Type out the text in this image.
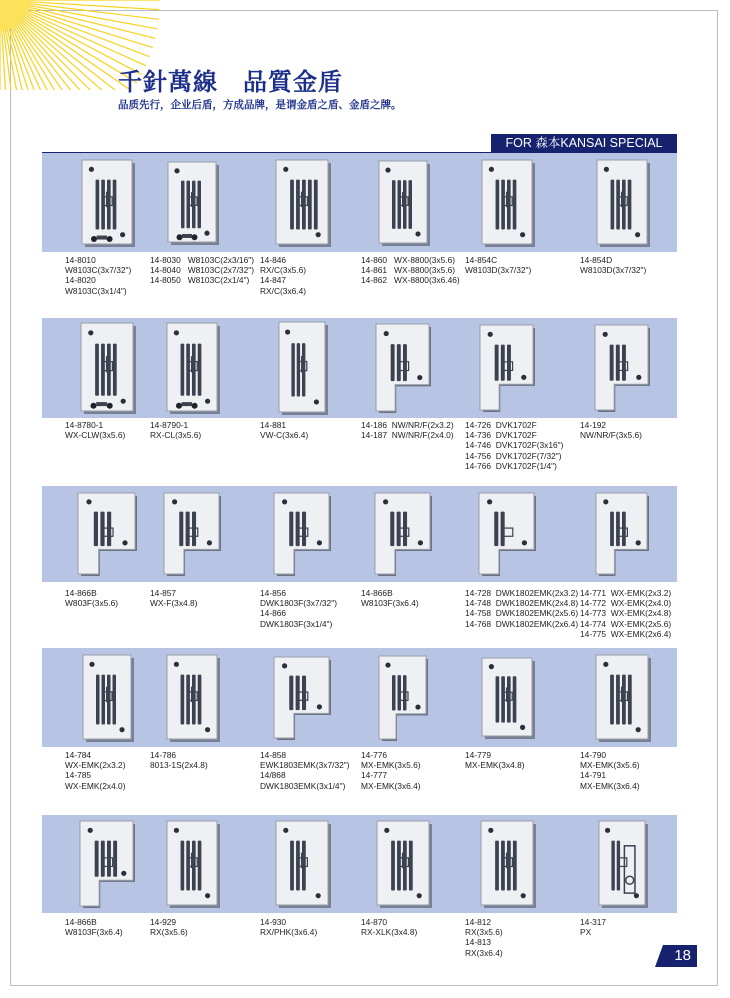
千針萬線　品質金盾
品质先行，企业后盾，方成品牌，是谓金盾之盾、金盾之牌。
FOR 森本KANSAI SPECIAL
14-8010
W8103C(3x7/32")
14-8020
W8103C(3x1/4")
14-8030   W8103C(2x3/16")
14-8040   W8103C(2x7/32")
14-8050   W8103C(2x1/4")
14-846
RX/C(3x5.6)
14-847
RX/C(3x6.4)
14-860   WX-8800(3x5.6)
14-861   WX-8800(3x5.6)
14-862   WX-8800(3x6.46)
14-854C
W8103D(3x7/32")
14-854D
W8103D(3x7/32")
14-8780-1
WX-CLW(3x5.6)
14-8790-1
RX-CL(3x5.6)
14-881
VW-C(3x6.4)
14-186  NW/NR/F(2x3.2)
14-187  NW/NR/F(2x4.0)
14-726  DVK1702F
14-736  DVK1702F
14-746  DVK1702F(3x16")
14-756  DVK1702F(7/32")
14-766  DVK1702F(1/4")
14-192
NW/NR/F(3x5.6)
14-866B
W803F(3x5.6)
14-857
WX-F(3x4.8)
14-856
DWK1803F(3x7/32")
14-866
DWK1803F(3x1/4")
14-866B
W8103F(3x6.4)
14-728  DWK1802EMK(2x3.2)
14-748  DWK1802EMK(2x4.8)
14-758  DWK1802EMK(2x5.6)
14-768  DWK1802EMK(2x6.4)
14-771  WX-EMK(2x3.2)
14-772  WX-EMK(2x4.0)
14-773  WX-EMK(2x4.8)
14-774  WX-EMK(2x5.6)
14-775  WX-EMK(2x6.4)
14-784
WX-EMK(2x3.2)
14-785
WX-EMK(2x4.0)
14-786
8013-1S(2x4.8)
14-858
EWK1803EMK(3x7/32")
14/868
DWK1803EMK(3x1/4")
14-776
MX-EMK(3x5.6)
14-777
MX-EMK(3x6.4)
14-779
MX-EMK(3x4.8)
14-790
MX-EMK(3x5.6)
14-791
MX-EMK(3x6.4)
14-866B
W8103F(3x6.4)
14-929
RX(3x5.6)
14-930
RX/PHK(3x6.4)
14-870
RX-XLK(3x4.8)
14-812
RX(3x5.6)
14-813
RX(3x6.4)
14-317
PX
18
